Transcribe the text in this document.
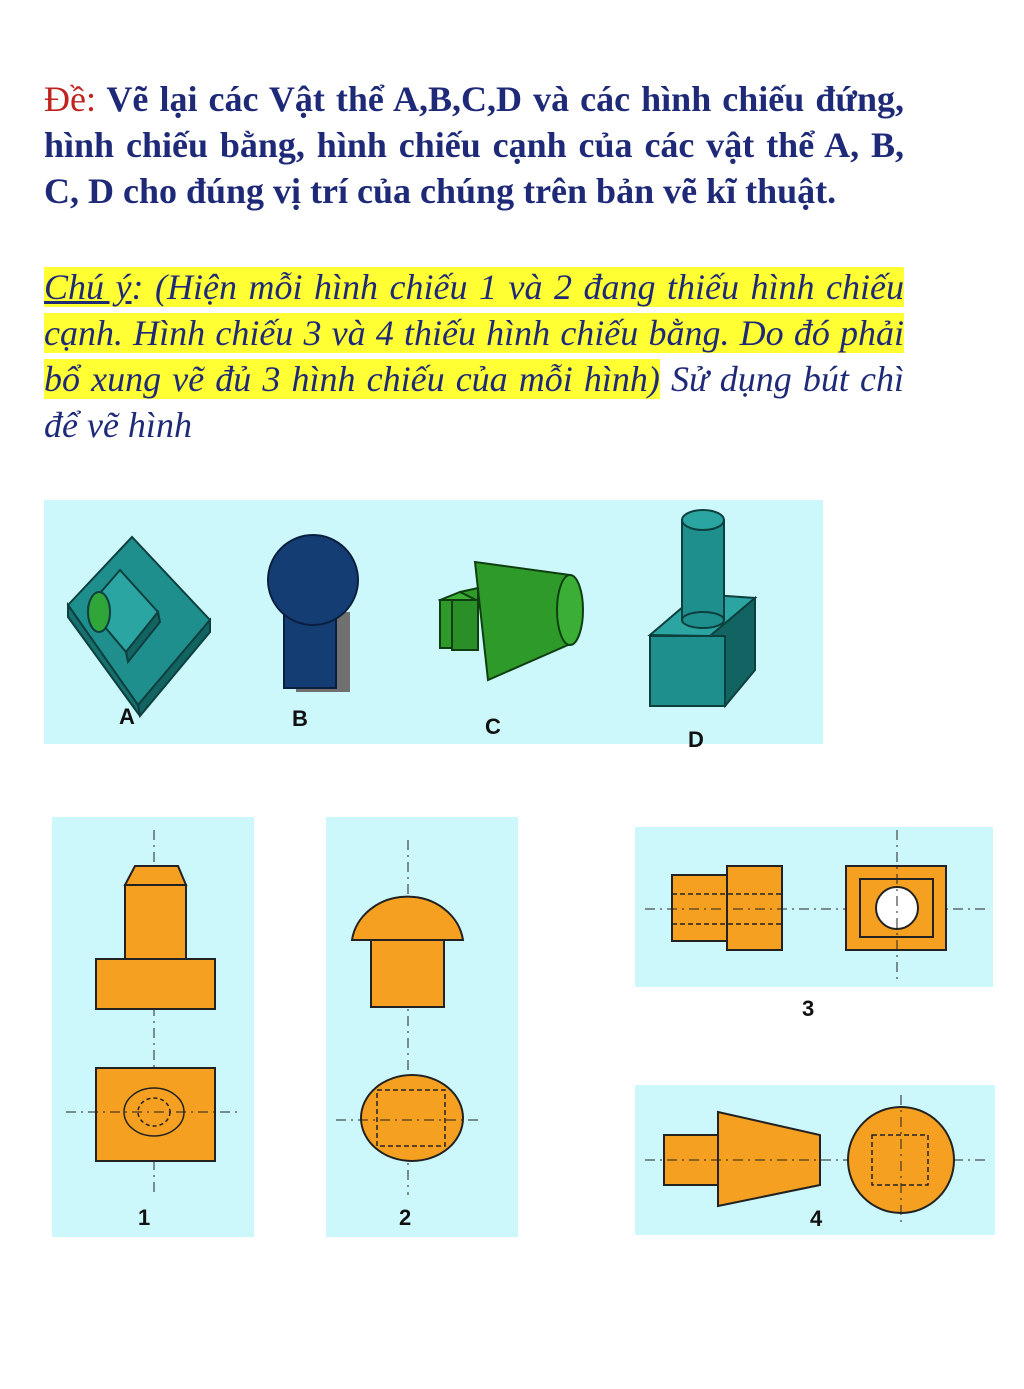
Đề: Vẽ lại các Vật thể A,B,C,D và các hình chiếu đứng, hình chiếu bằng, hình chiếu cạnh của các vật thể A, B, C, D cho đúng vị trí của chúng trên bản vẽ kĩ thuật.

Chú ý: (Hiện mỗi hình chiếu 1 và 2 đang thiếu hình chiếu cạnh. Hình chiếu 3 và 4 thiếu hình chiếu bằng. Do đó phải bổ xung vẽ đủ 3 hình chiếu của mỗi hình) Sử dụng bút chì để vẽ hình

A	B	C
D
1	2
3
4
